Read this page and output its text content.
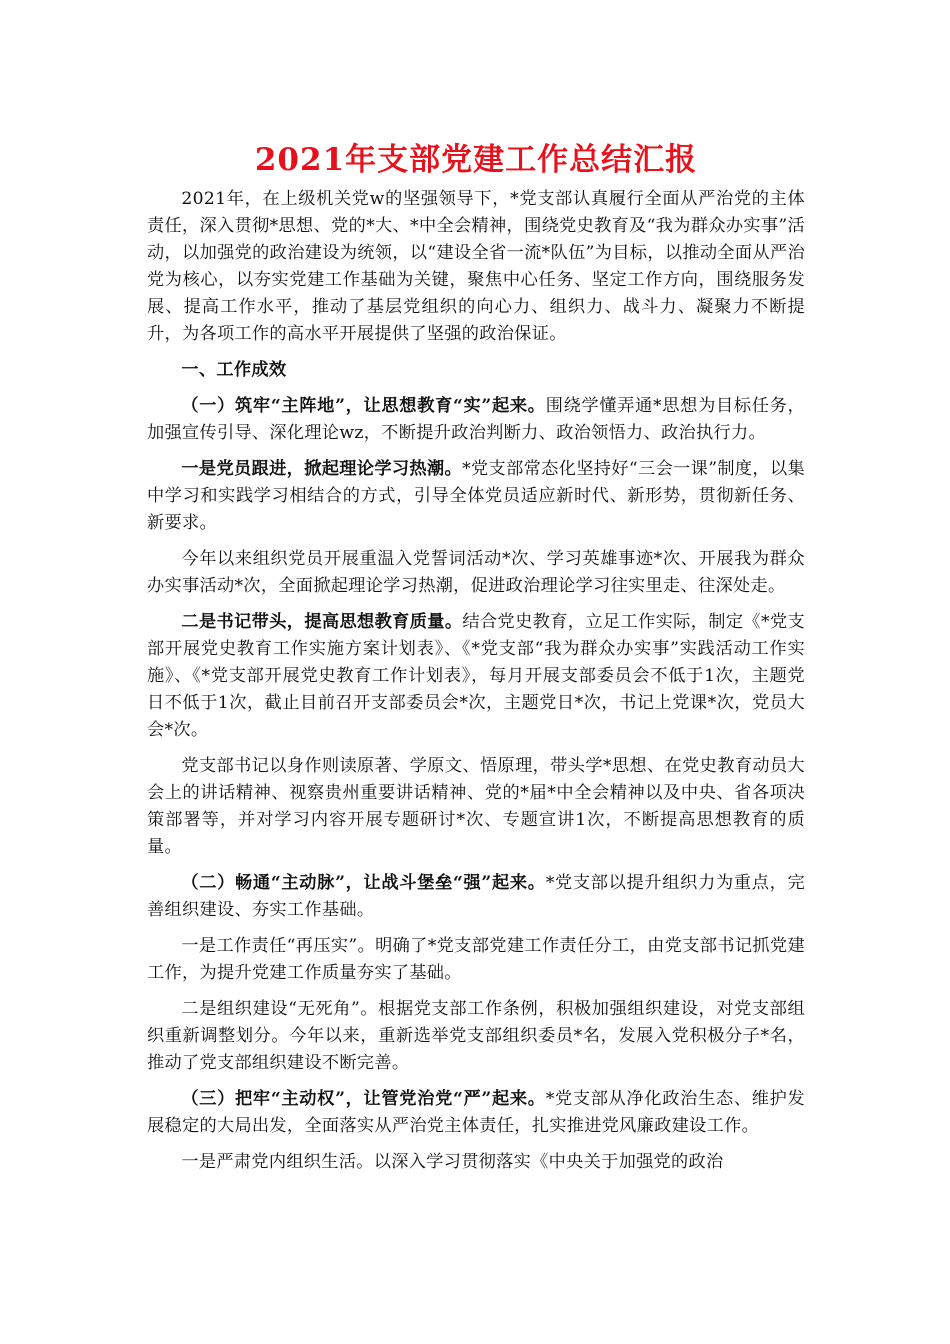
2021年支部党建工作总结汇报

2021年，在上级机关党w的坚强领导下，*党支部认真履行全面从严治党的主体责任，深入贯彻*思想、党的*大、*中全会精神，围绕党史教育及“我为群众办实事”活动，以加强党的政治建设为统领，以“建设全省一流*队伍”为目标，以推动全面从严治党为核心，以夯实党建工作基础为关键，聚焦中心任务、坚定工作方向，围绕服务发展、提高工作水平，推动了基层党组织的向心力、组织力、战斗力、凝聚力不断提升，为各项工作的高水平开展提供了坚强的政治保证。

一、工作成效

（一）筑牢“主阵地”，让思想教育“实”起来。围绕学懂弄通*思想为目标任务，加强宣传引导、深化理论wz，不断提升政治判断力、政治领悟力、政治执行力。

一是党员跟进，掀起理论学习热潮。*党支部常态化坚持好“三会一课”制度，以集中学习和实践学习相结合的方式，引导全体党员适应新时代、新形势，贯彻新任务、新要求。

今年以来组织党员开展重温入党誓词活动*次、学习英雄事迹*次、开展我为群众办实事活动*次，全面掀起理论学习热潮，促进政治理论学习往实里走、往深处走。

二是书记带头，提高思想教育质量。结合党史教育，立足工作实际，制定《*党支部开展党史教育工作实施方案计划表》、《*党支部“我为群众办实事”实践活动工作实施》、《*党支部开展党史教育工作计划表》，每月开展支部委员会不低于1次，主题党日不低于1次，截止目前召开支部委员会*次，主题党日*次，书记上党课*次，党员大会*次。

党支部书记以身作则读原著、学原文、悟原理，带头学*思想、在党史教育动员大会上的讲话精神、视察贵州重要讲话精神、党的*届*中全会精神以及中央、省各项决策部署等，并对学习内容开展专题研讨*次、专题宣讲1次，不断提高思想教育的质量。

（二）畅通“主动脉”，让战斗堡垒“强”起来。*党支部以提升组织力为重点，完善组织建设、夯实工作基础。

一是工作责任“再压实”。明确了*党支部党建工作责任分工，由党支部书记抓党建工作，为提升党建工作质量夯实了基础。

二是组织建设“无死角”。根据党支部工作条例，积极加强组织建设，对党支部组织重新调整划分。今年以来，重新选举党支部组织委员*名，发展入党积极分子*名，推动了党支部组织建设不断完善。

（三）把牢“主动权”，让管党治党“严”起来。*党支部从净化政治生态、维护发展稳定的大局出发，全面落实从严治党主体责任，扎实推进党风廉政建设工作。

一是严肃党内组织生活。以深入学习贯彻落实《中央关于加强党的政治
